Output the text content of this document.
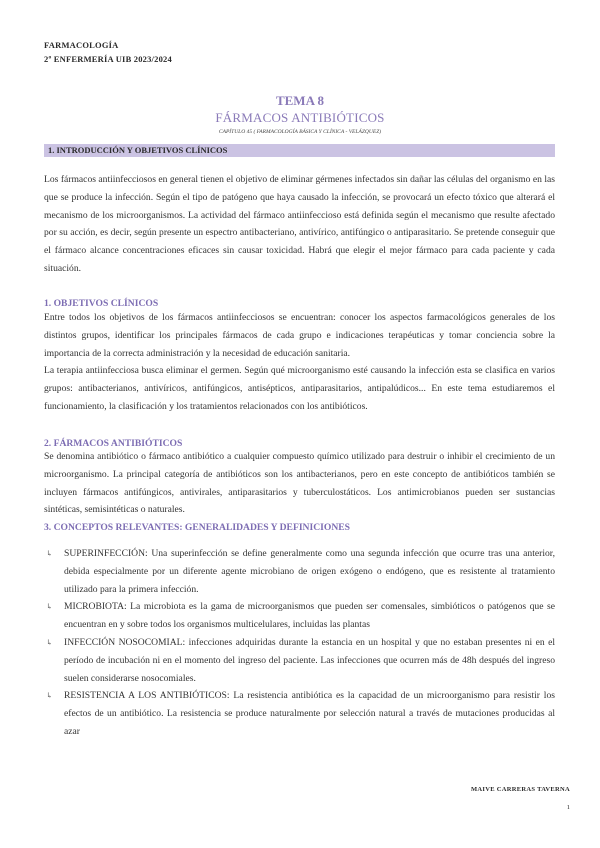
FARMACOLOGÍA
2º ENFERMERÍA UIB 2023/2024
TEMA 8
FÁRMACOS ANTIBIÓTICOS
CAPÍTULO 45 ( FARMACOLOGÍA BÁSICA Y CLÍNICA - VELÁZQUEZ)
1. INTRODUCCIÓN Y OBJETIVOS CLÍNICOS
Los fármacos antiinfecciosos en general tienen el objetivo de eliminar gérmenes infectados sin dañar las células del organismo en las que se produce la infección. Según el tipo de patógeno que haya causado la infección, se provocará un efecto tóxico que alterará el mecanismo de los microorganismos. La actividad del fármaco antiinfeccioso está definida según el mecanismo que resulte afectado por su acción, es decir, según presente un espectro antibacteriano, antivírico, antifúngico o antiparasitario. Se pretende conseguir que el fármaco alcance concentraciones eficaces sin causar toxicidad. Habrá que elegir el mejor fármaco para cada paciente y cada situación.
1. OBJETIVOS CLÍNICOS
Entre todos los objetivos de los fármacos antiinfecciosos se encuentran: conocer los aspectos farmacológicos generales de los distintos grupos, identificar los principales fármacos de cada grupo e indicaciones terapéuticas y tomar conciencia sobre la importancia de la correcta administración y la necesidad de educación sanitaria.
La terapia antiinfecciosa busca eliminar el germen. Según qué microorganismo esté causando la infección esta se clasifica en varios grupos: antibacterianos, antivíricos, antifúngicos, antisépticos, antiparasitarios, antipalúdicos... En este tema estudiaremos el funcionamiento, la clasificación y los tratamientos relacionados con los antibióticos.
2. FÁRMACOS ANTIBIÓTICOS
Se denomina antibiótico o fármaco antibiótico a cualquier compuesto químico utilizado para destruir o inhibir el crecimiento de un microorganismo. La principal categoría de antibióticos son los antibacterianos, pero en este concepto de antibióticos también se incluyen fármacos antifúngicos, antivirales, antiparasitarios y tuberculostáticos. Los antimicrobianos pueden ser sustancias sintéticas, semisintéticas o naturales.
3. CONCEPTOS RELEVANTES: GENERALIDADES Y DEFINICIONES
↳ SUPERINFECCIÓN: Una superinfección se define generalmente como una segunda infección que ocurre tras una anterior, debida especialmente por un diferente agente microbiano de origen exógeno o endógeno, que es resistente al tratamiento utilizado para la primera infección.
↳ MICROBIOTA: La microbiota es la gama de microorganismos que pueden ser comensales, simbióticos o patógenos que se encuentran en y sobre todos los organismos multicelulares, incluidas las plantas
↳ INFECCIÓN NOSOCOMIAL: infecciones adquiridas durante la estancia en un hospital y que no estaban presentes ni en el período de incubación ni en el momento del ingreso del paciente. Las infecciones que ocurren más de 48h después del ingreso suelen considerarse nosocomiales.
↳ RESISTENCIA A LOS ANTIBIÓTICOS: La resistencia antibiótica es la capacidad de un microorganismo para resistir los efectos de un antibiótico. La resistencia se produce naturalmente por selección natural a través de mutaciones producidas al azar
MAIVE CARRERAS TAVERNA
1
